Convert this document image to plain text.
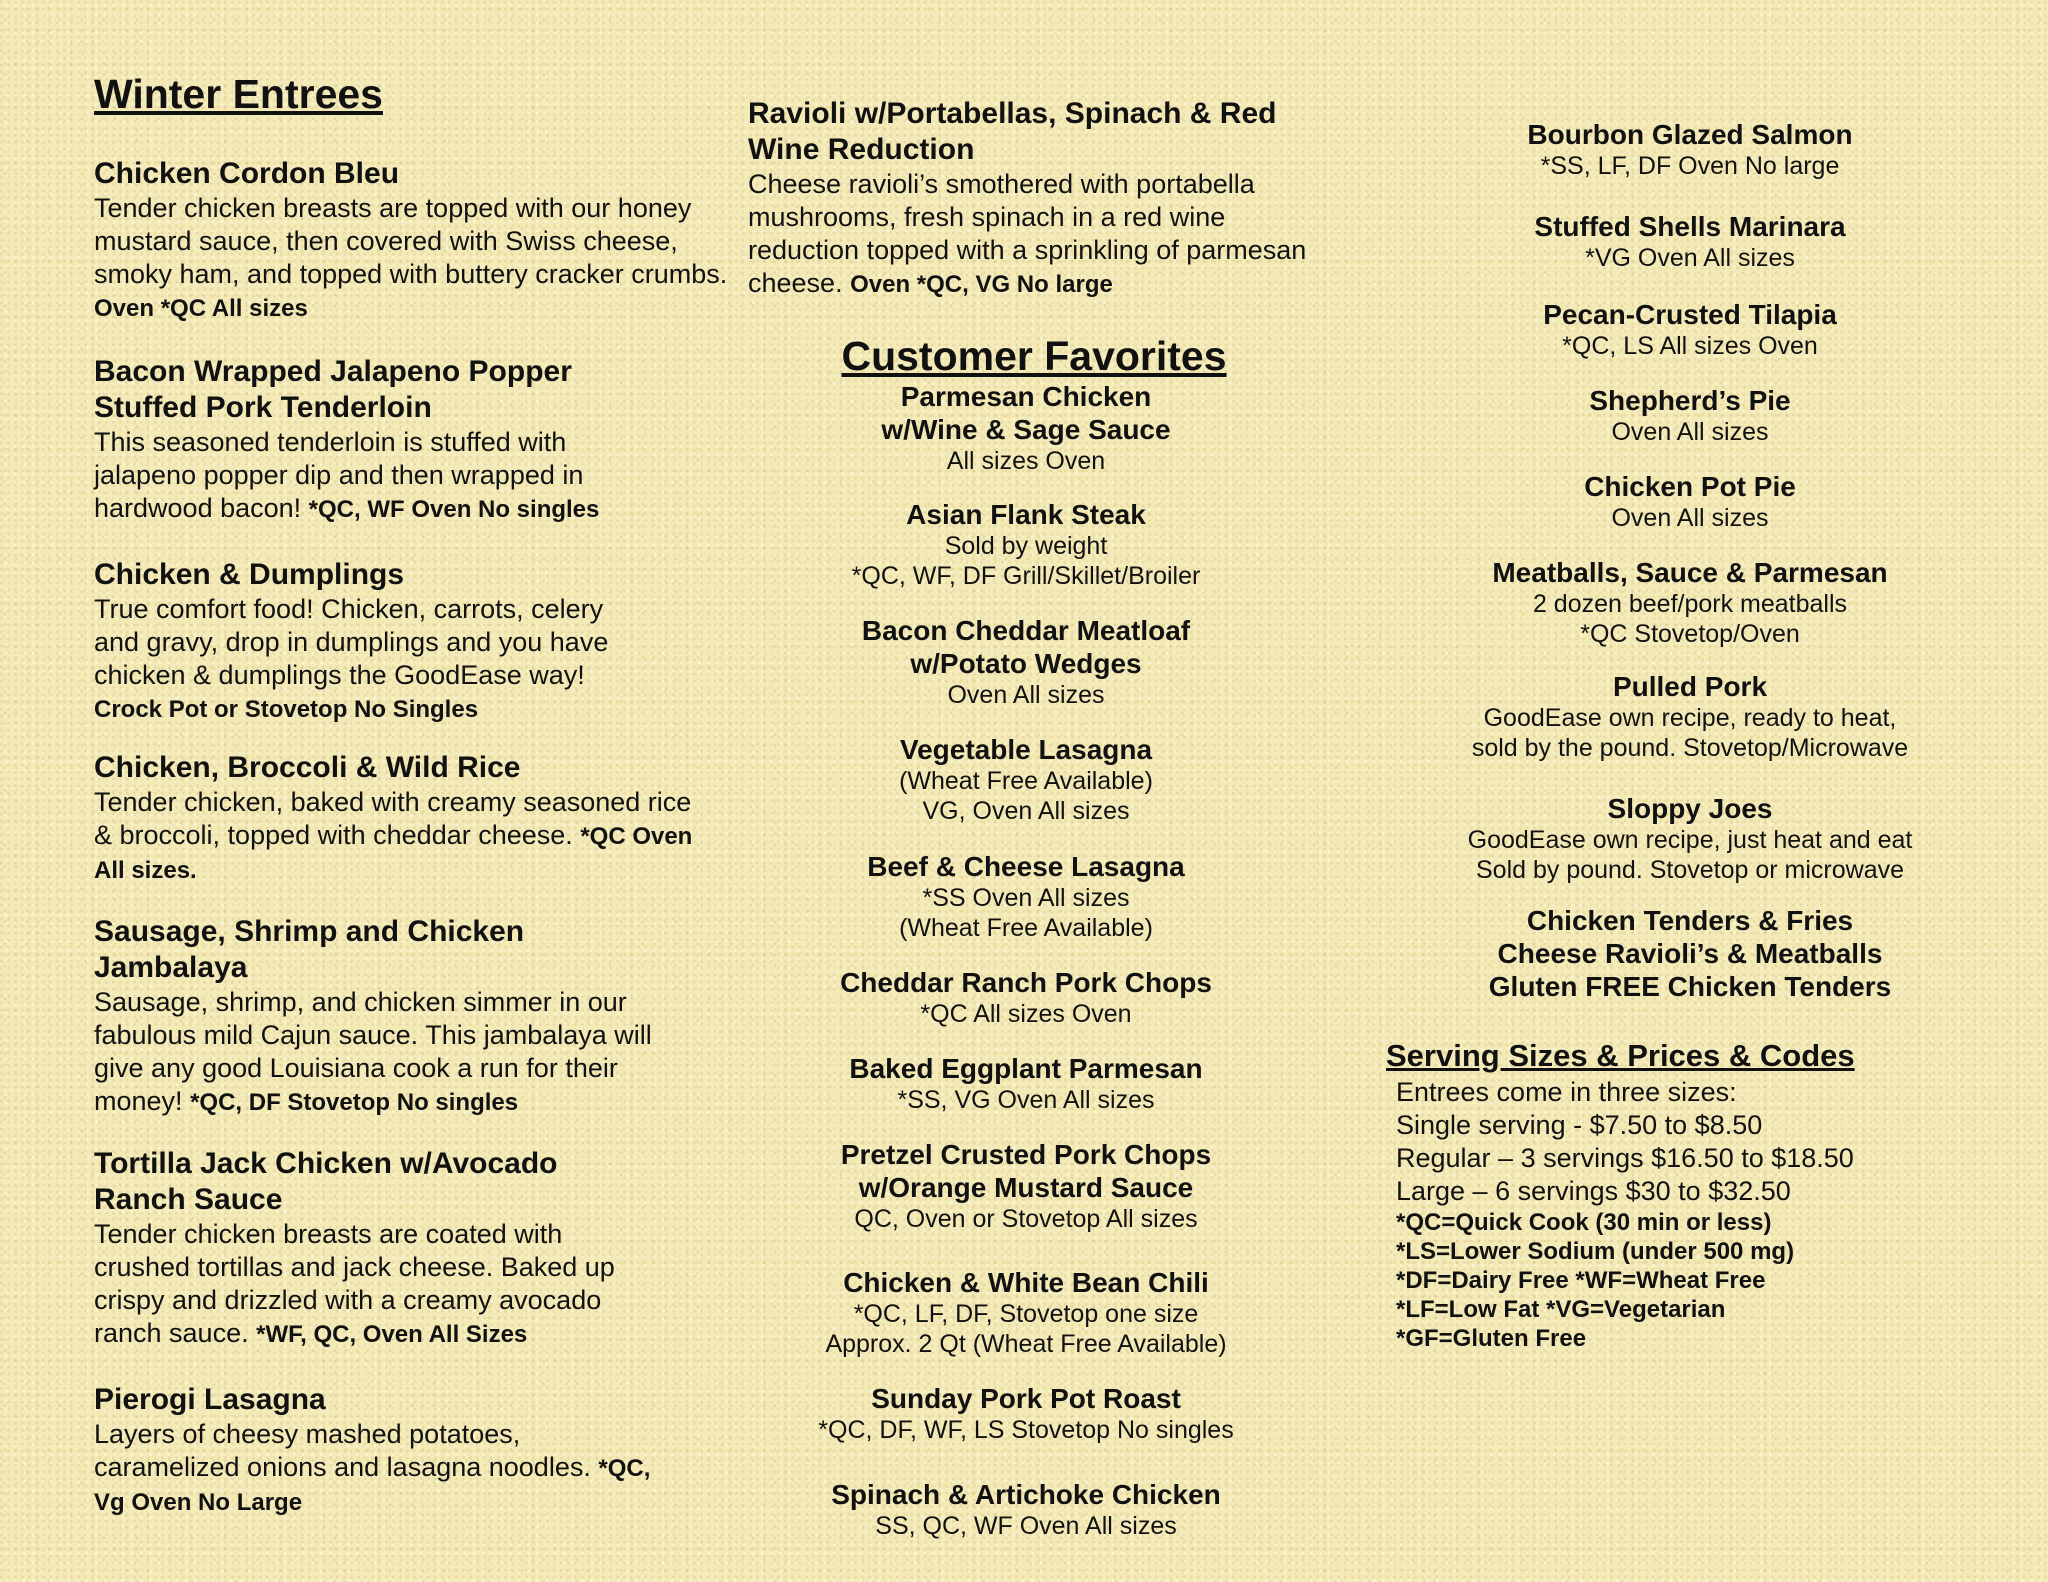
Winter Entrees
Chicken Cordon Bleu
Tender chicken breasts are topped with our honey mustard sauce, then covered with Swiss cheese, smoky ham, and topped with buttery cracker crumbs. Oven *QC All sizes
Bacon Wrapped Jalapeno Popper Stuffed Pork Tenderloin
This seasoned tenderloin is stuffed with jalapeno popper dip and then wrapped in hardwood bacon! *QC, WF Oven No singles
Chicken & Dumplings
True comfort food! Chicken, carrots, celery and gravy, drop in dumplings and you have chicken & dumplings the GoodEase way! Crock Pot or Stovetop No Singles
Chicken, Broccoli & Wild Rice
Tender chicken, baked with creamy seasoned rice & broccoli, topped with cheddar cheese. *QC Oven All sizes.
Sausage, Shrimp and Chicken Jambalaya
Sausage, shrimp, and chicken simmer in our fabulous mild Cajun sauce. This jambalaya will give any good Louisiana cook a run for their money! *QC, DF Stovetop No singles
Tortilla Jack Chicken w/Avocado Ranch Sauce
Tender chicken breasts are coated with crushed tortillas and jack cheese. Baked up crispy and drizzled with a creamy avocado ranch sauce. *WF, QC, Oven All Sizes
Pierogi Lasagna
Layers of cheesy mashed potatoes, caramelized onions and lasagna noodles. *QC, Vg Oven No Large
Ravioli w/Portabellas, Spinach & Red Wine Reduction
Cheese ravioli’s smothered with portabella mushrooms, fresh spinach in a red wine reduction topped with a sprinkling of parmesan cheese. Oven *QC, VG No large
Customer Favorites
Parmesan Chicken w/Wine & Sage Sauce
All sizes Oven
Asian Flank Steak
Sold by weight
*QC, WF, DF Grill/Skillet/Broiler
Bacon Cheddar Meatloaf w/Potato Wedges
Oven All sizes
Vegetable Lasagna
(Wheat Free Available)
VG, Oven All sizes
Beef & Cheese Lasagna
*SS Oven All sizes
(Wheat Free Available)
Cheddar Ranch Pork Chops
*QC All sizes Oven
Baked Eggplant Parmesan
*SS, VG Oven All sizes
Pretzel Crusted Pork Chops w/Orange Mustard Sauce
QC, Oven or Stovetop All sizes
Chicken & White Bean Chili
*QC, LF, DF, Stovetop one size
Approx. 2 Qt (Wheat Free Available)
Sunday Pork Pot Roast
*QC, DF, WF, LS Stovetop No singles
Spinach & Artichoke Chicken
SS, QC, WF Oven All sizes
Bourbon Glazed Salmon
*SS, LF, DF Oven No large
Stuffed Shells Marinara
*VG Oven All sizes
Pecan-Crusted Tilapia
*QC, LS All sizes Oven
Shepherd’s Pie
Oven All sizes
Chicken Pot Pie
Oven All sizes
Meatballs, Sauce & Parmesan
2 dozen beef/pork meatballs
*QC Stovetop/Oven
Pulled Pork
GoodEase own recipe, ready to heat,
sold by the pound. Stovetop/Microwave
Sloppy Joes
GoodEase own recipe, just heat and eat
Sold by pound. Stovetop or microwave
Chicken Tenders & Fries
Cheese Ravioli’s & Meatballs
Gluten FREE Chicken Tenders
Serving Sizes & Prices & Codes
Entrees come in three sizes:
Single serving - $7.50 to $8.50
Regular – 3 servings $16.50 to $18.50
Large – 6 servings $30 to $32.50
*QC=Quick Cook (30 min or less)
*LS=Lower Sodium (under 500 mg)
*DF=Dairy Free *WF=Wheat Free
*LF=Low Fat *VG=Vegetarian
*GF=Gluten Free
